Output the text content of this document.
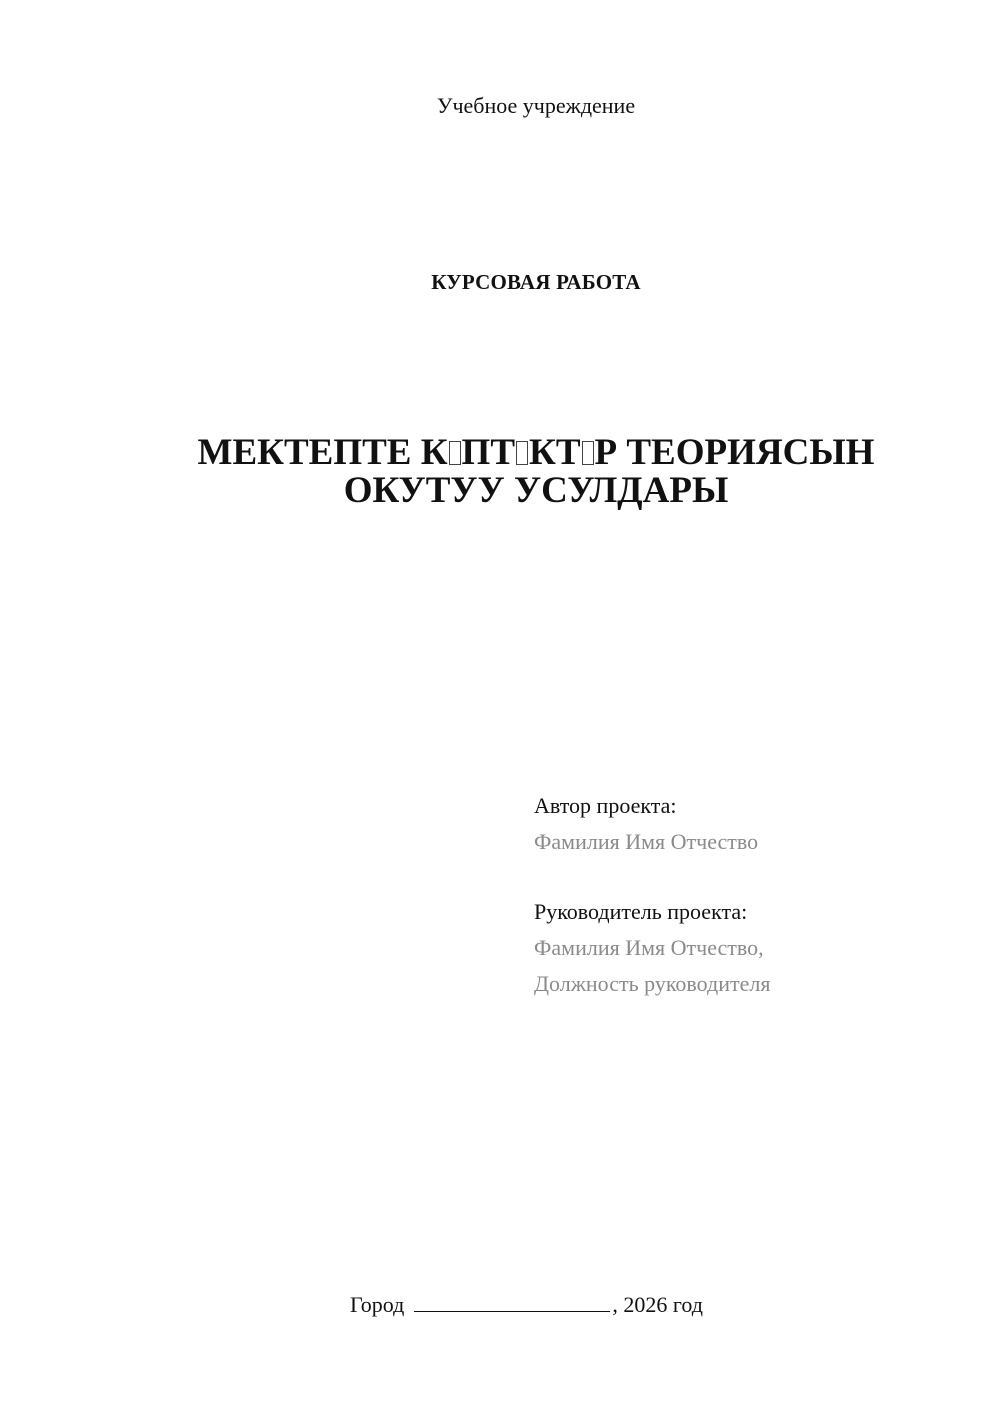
Учебное учреждение
КУРСОВАЯ РАБОТА
МЕКТЕПТЕ К ПТ КТ Р ТЕОРИЯСЫН
ОКУТУУ УСУЛДАРЫ
Автор проекта:
Фамилия Имя Отчество
Руководитель проекта:
Фамилия Имя Отчество,
Должность руководителя
Город	, 2026 год
